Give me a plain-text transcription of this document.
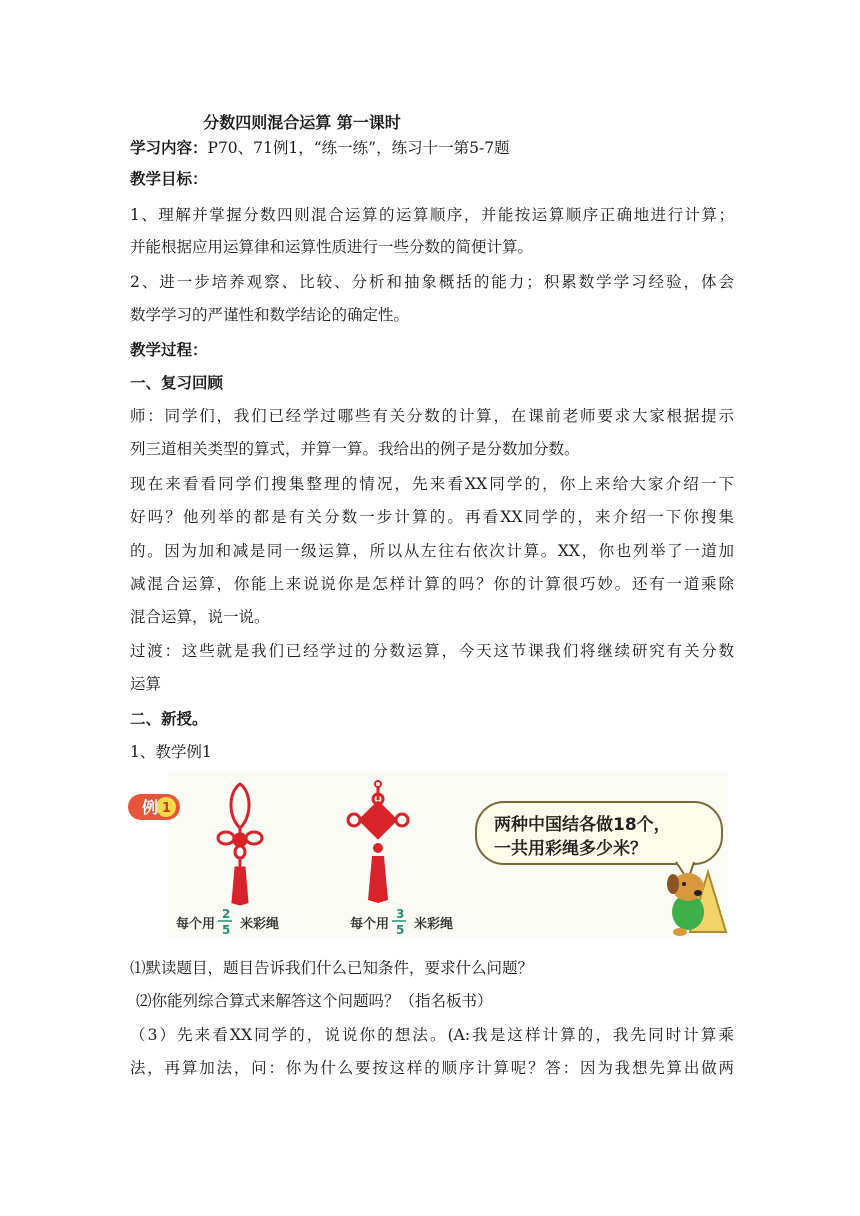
分数四则混合运算 第一课时
学习内容：P70、71例1，“练一练”，练习十一第5-7题
教学目标：
1、理解并掌握分数四则混合运算的运算顺序，并能按运算顺序正确地进行计算；
并能根据应用运算律和运算性质进行一些分数的简便计算。
2、进一步培养观察、比较、分析和抽象概括的能力；积累数学学习经验，体会
数学学习的严谨性和数学结论的确定性。
教学过程：
一、复习回顾
师：同学们，我们已经学过哪些有关分数的计算，在课前老师要求大家根据提示
列三道相关类型的算式，并算一算。我给出的例子是分数加分数。
现在来看看同学们搜集整理的情况，先来看XX同学的，你上来给大家介绍一下
好吗？他列举的都是有关分数一步计算的。再看XX同学的，来介绍一下你搜集
的。因为加和减是同一级运算，所以从左往右依次计算。XX，你也列举了一道加
减混合运算，你能上来说说你是怎样计算的吗？你的计算很巧妙。还有一道乘除
混合运算，说一说。
过渡：这些就是我们已经学过的分数运算，今天这节课我们将继续研究有关分数
运算
二、新授。
1、教学例1
⑴默读题目，题目告诉我们什么已知条件，要求什么问题？
⑵你能列综合算式来解答这个问题吗？（指名板书）
（3）先来看XX同学的，说说你的想法。(A:我是这样计算的，我先同时计算乘
法，再算加法，问：你为什么要按这样的顺序计算呢？答：因为我想先算出做两
例 1
每个用
2
5 米彩绳	每个用
3
5 米彩绳
两种中国结各做18个，
一共用彩绳多少米？
